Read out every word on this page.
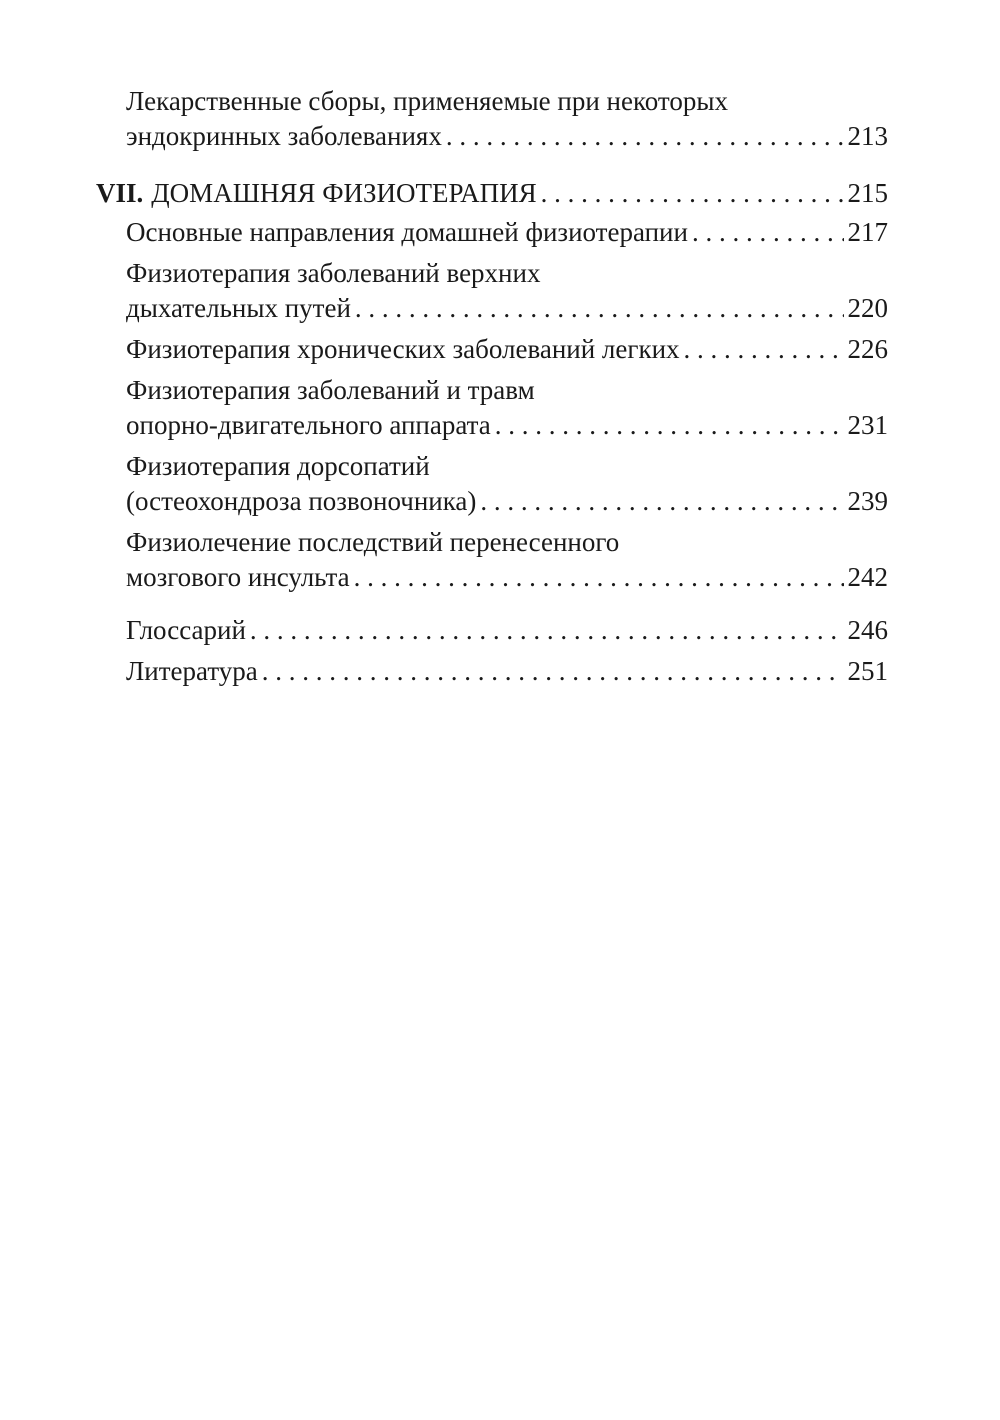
Лекарственные сборы, применяемые при некоторых
эндокринных заболеваниях . . .	213
VII. ДОМАШНЯЯ ФИЗИОТЕРАПИЯ . . .	215
Основные направления домашней физиотерапии . . .	217
Физиотерапия заболеваний верхних
дыхательных путей . . .	220
Физиотерапия хронических заболеваний легких . . .	226
Физиотерапия заболеваний и травм
опорно-двигательного аппарата . . .	231
Физиотерапия дорсопатий
(остеохондроза позвоночника) . . .	239
Физиолечение последствий перенесенного
мозгового инсульта . . .	242
Глоссарий . . .	246
Литература . . .	251
